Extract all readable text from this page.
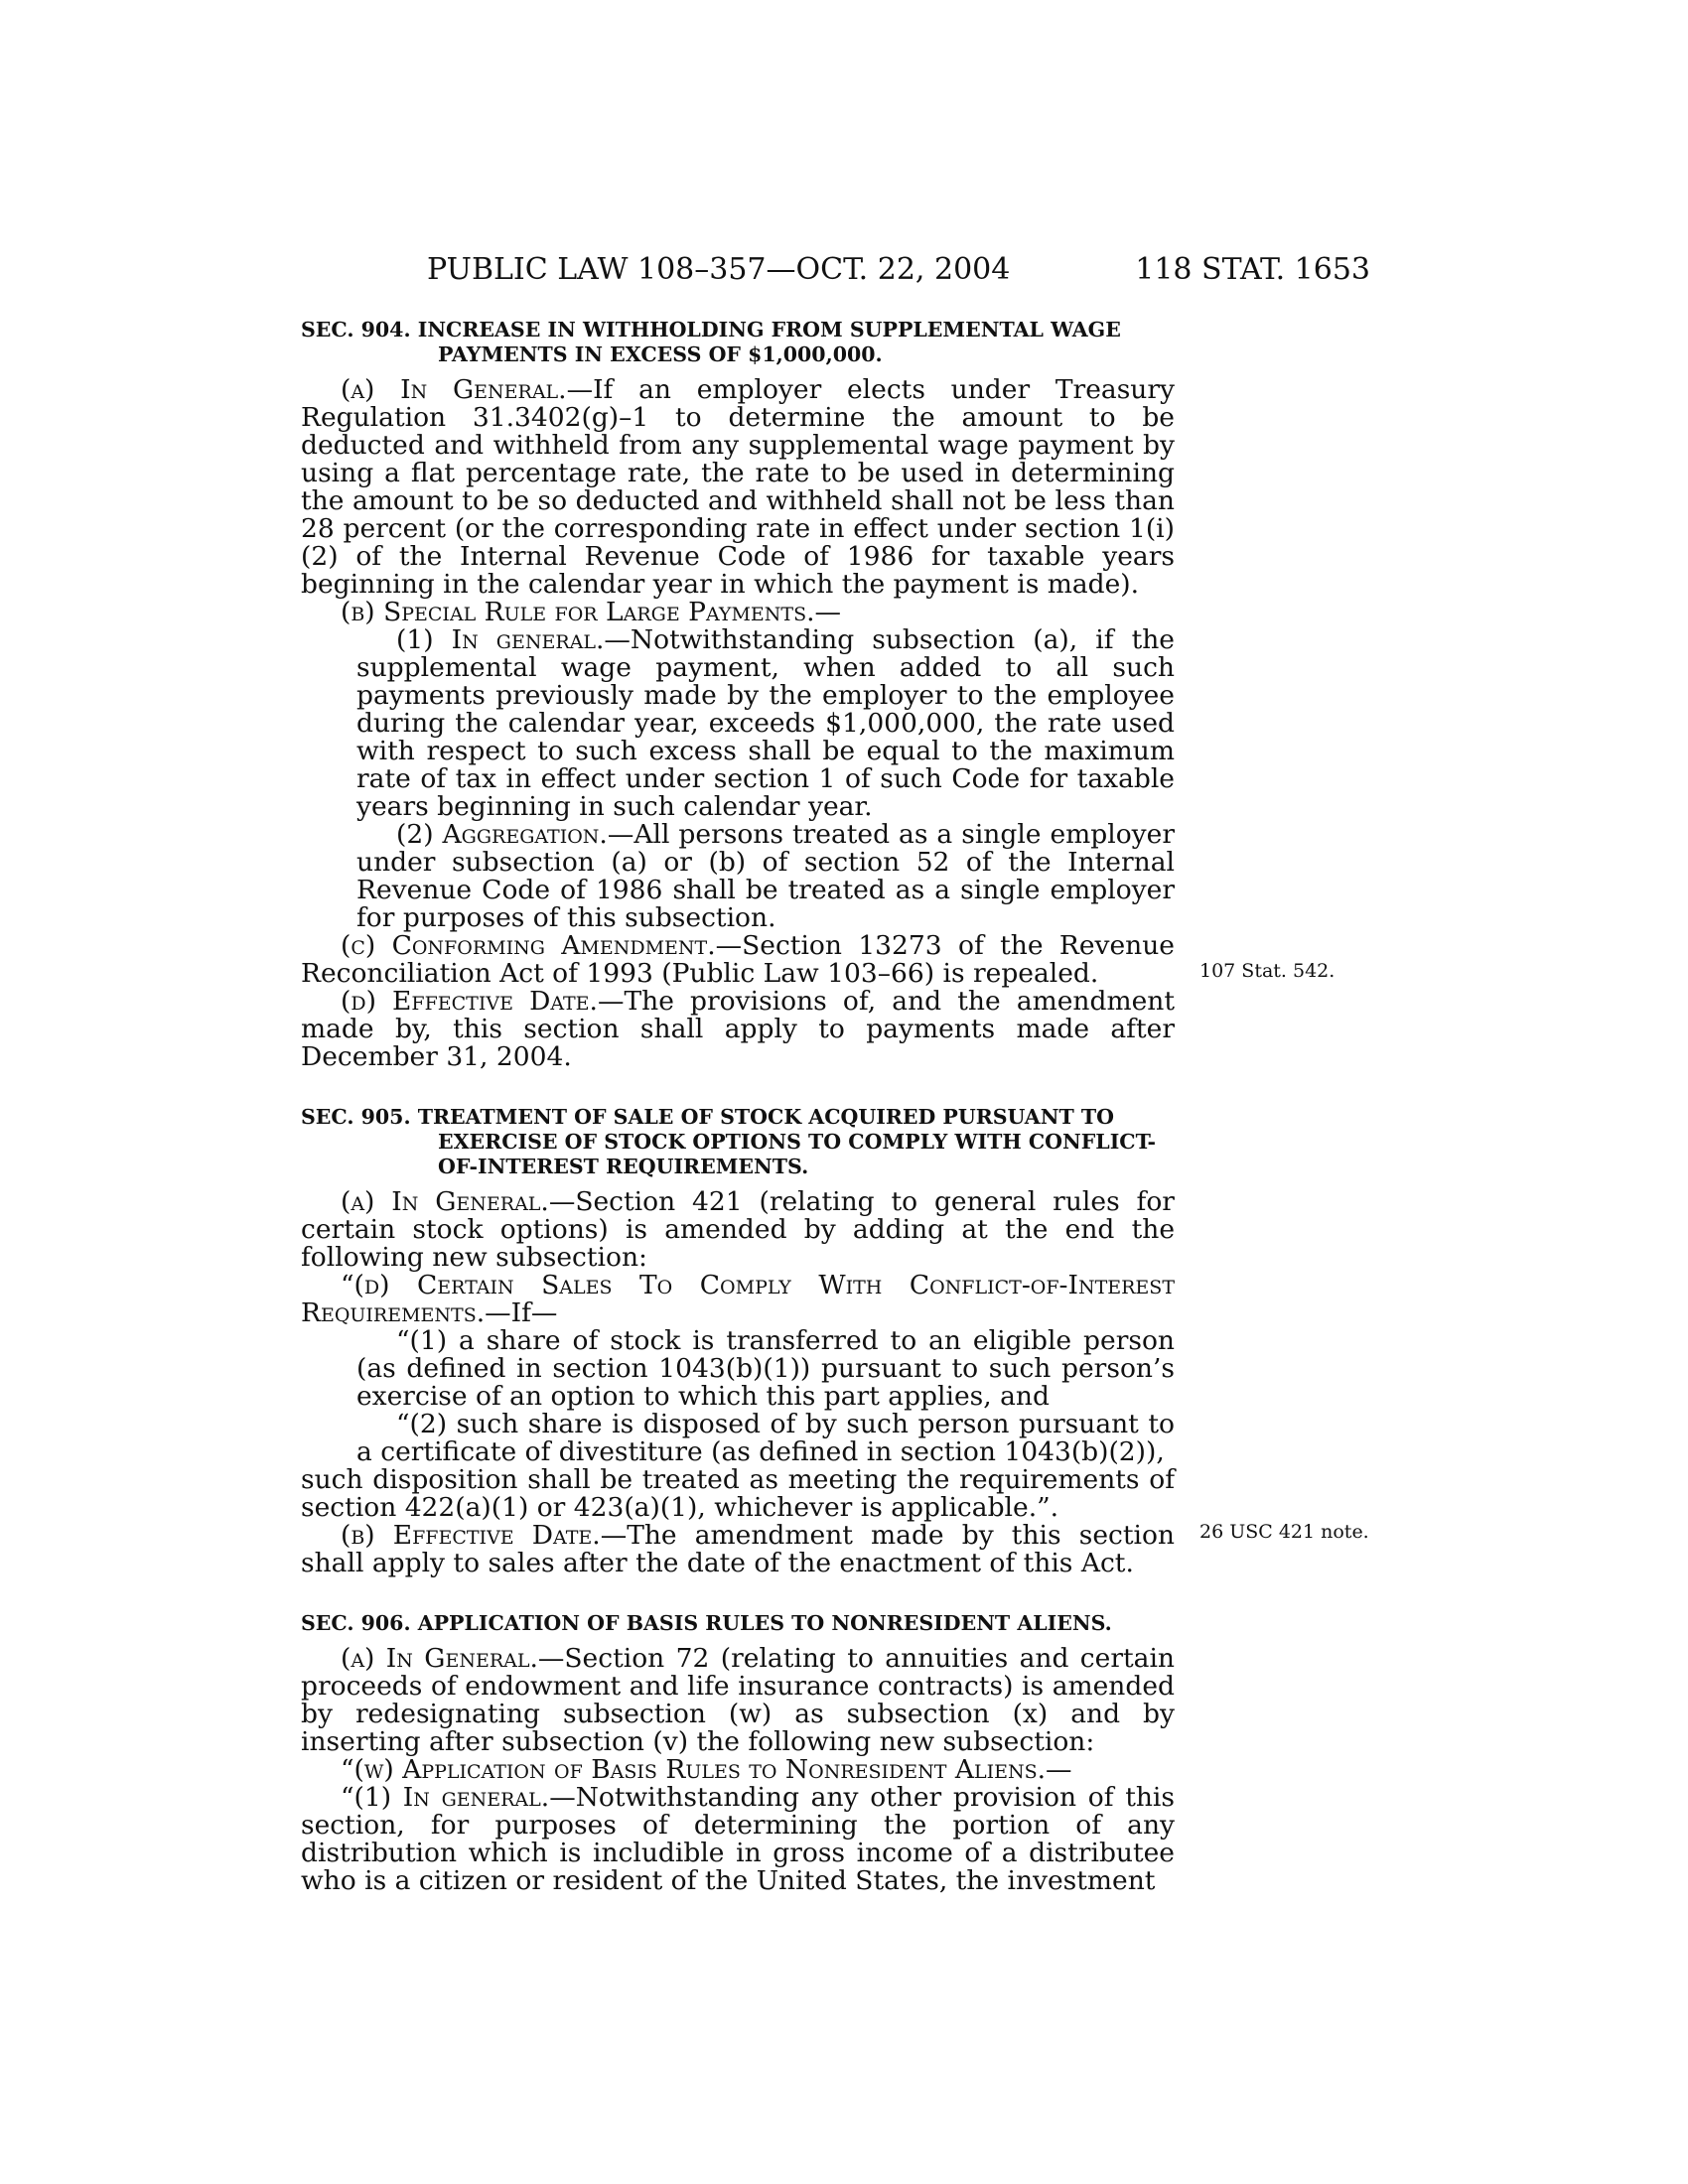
PUBLIC LAW 108–357—OCT. 22, 2004	118 STAT. 1653
107 Stat. 542.
26 USC 421 note.
SEC. 904. INCREASE IN WITHHOLDING FROM SUPPLEMENTAL WAGE PAYMENTS IN EXCESS OF $1,000,000.
(a) In General.—If an employer elects under Treasury Regulation 31.3402(g)–1 to determine the amount to be deducted and withheld from any supplemental wage payment by using a flat percentage rate, the rate to be used in determining the amount to be so deducted and withheld shall not be less than 28 percent (or the corresponding rate in effect under section 1(i)(2) of the Internal Revenue Code of 1986 for taxable years beginning in the calendar year in which the payment is made).
(b) Special Rule for Large Payments.—
(1) In general.—Notwithstanding subsection (a), if the supplemental wage payment, when added to all such payments previously made by the employer to the employee during the calendar year, exceeds $1,000,000, the rate used with respect to such excess shall be equal to the maximum rate of tax in effect under section 1 of such Code for taxable years beginning in such calendar year.
(2) Aggregation.—All persons treated as a single employer under subsection (a) or (b) of section 52 of the Internal Revenue Code of 1986 shall be treated as a single employer for purposes of this subsection.
(c) Conforming Amendment.—Section 13273 of the Revenue Reconciliation Act of 1993 (Public Law 103–66) is repealed.
(d) Effective Date.—The provisions of, and the amendment made by, this section shall apply to payments made after December 31, 2004.
SEC. 905. TREATMENT OF SALE OF STOCK ACQUIRED PURSUANT TO EXERCISE OF STOCK OPTIONS TO COMPLY WITH CONFLICT-OF-INTEREST REQUIREMENTS.
(a) In General.—Section 421 (relating to general rules for certain stock options) is amended by adding at the end the following new subsection:
“(d) Certain Sales To Comply With Conflict-of-Interest Requirements.—If—
“(1) a share of stock is transferred to an eligible person (as defined in section 1043(b)(1)) pursuant to such person’s exercise of an option to which this part applies, and
“(2) such share is disposed of by such person pursuant to a certificate of divestiture (as defined in section 1043(b)(2)),
such disposition shall be treated as meeting the requirements of section 422(a)(1) or 423(a)(1), whichever is applicable.”.
(b) Effective Date.—The amendment made by this section shall apply to sales after the date of the enactment of this Act.
SEC. 906. APPLICATION OF BASIS RULES TO NONRESIDENT ALIENS.
(a) In General.—Section 72 (relating to annuities and certain proceeds of endowment and life insurance contracts) is amended by redesignating subsection (w) as subsection (x) and by inserting after subsection (v) the following new subsection:
“(w) Application of Basis Rules to Nonresident Aliens.—
“(1) In general.—Notwithstanding any other provision of this section, for purposes of determining the portion of any distribution which is includible in gross income of a distributee who is a citizen or resident of the United States, the investment
